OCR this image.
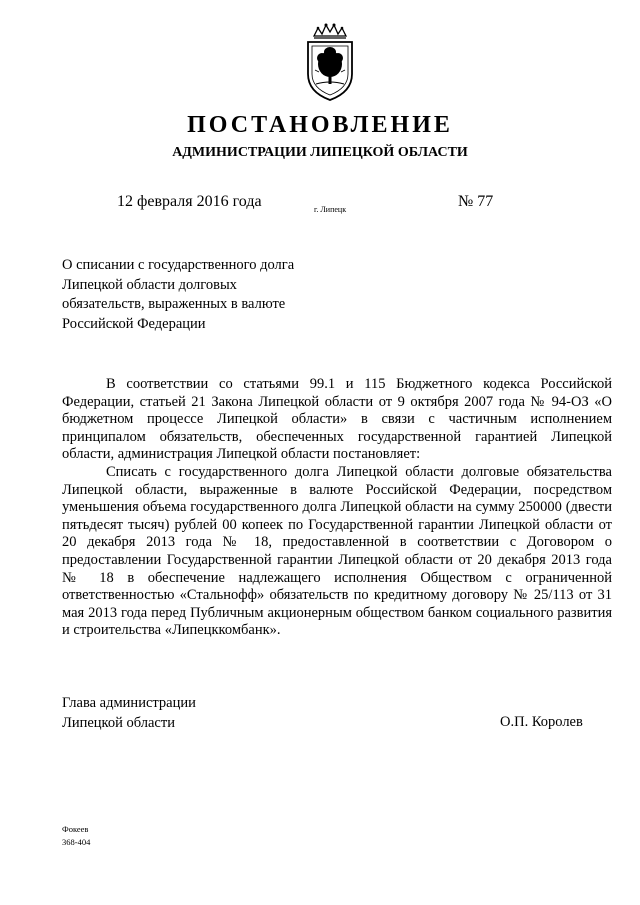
ПОСТАНОВЛЕНИЕ
АДМИНИСТРАЦИИ ЛИПЕЦКОЙ ОБЛАСТИ
12 февраля 2016 года	г. Липецк	№ 77
О списании с государственного долга
Липецкой области долговых
обязательств, выраженных в валюте
Российской Федерации

В соответствии со статьями 99.1 и 115 Бюджетного кодекса Российской Федерации, статьей 21 Закона Липецкой области от 9 октября 2007 года № 94-ОЗ «О бюджетном процессе Липецкой области» в связи с частичным исполнением принципалом обязательств, обеспеченных государственной гарантией Липецкой области, администрация Липецкой области постановляет:

Списать с государственного долга Липецкой области долговые обязательства Липецкой области, выраженные в валюте Российской Федерации, посредством уменьшения объема государственного долга Липецкой области на сумму 250000 (двести пятьдесят тысяч) рублей 00 копеек по Государственной гарантии Липецкой области от 20 декабря 2013 года № 18, предоставленной в соответствии с Договором о предоставлении Государственной гарантии Липецкой области от 20 декабря 2013 года № 18 в обеспечение надлежащего исполнения Обществом с ограниченной ответственностью «Стальнофф» обязательств по кредитному договору № 25/113 от 31 мая 2013 года перед Публичным акционерным обществом банком социального развития и строительства «Липецккомбанк».

Глава администрации
Липецкой области	О.П. Королев
Фокеев
368-404
